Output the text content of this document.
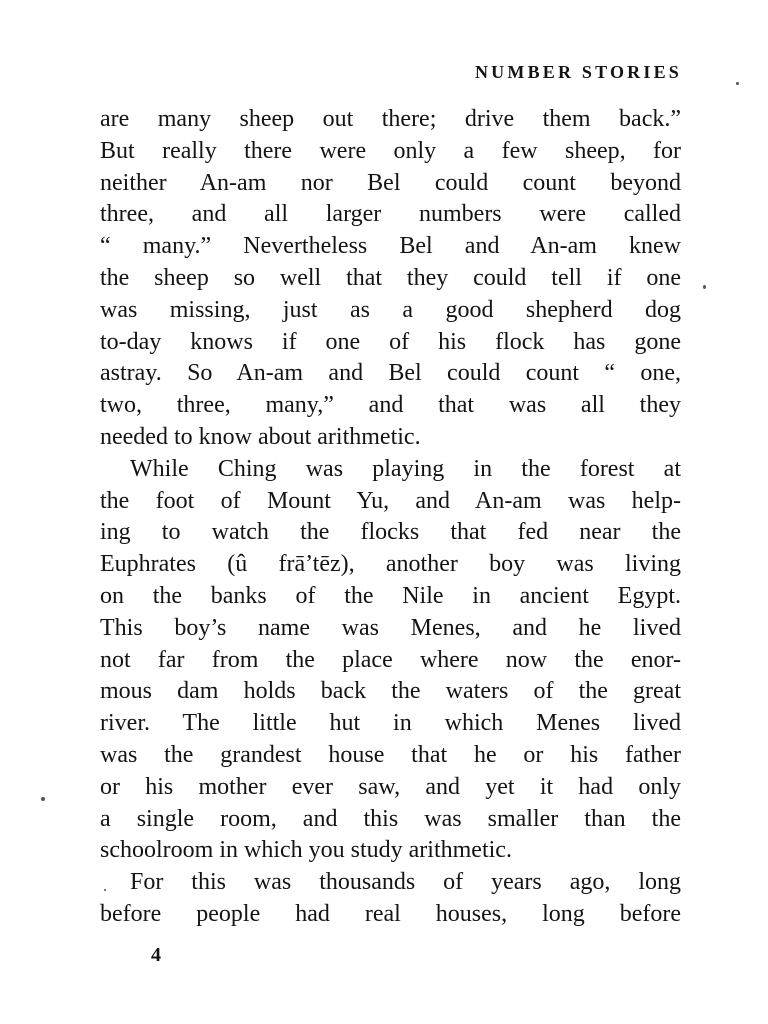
NUMBER STORIES
are many sheep out there; drive them back.”
But really there were only a few sheep, for
neither An-am nor Bel could count beyond
three, and all larger numbers were called
“ many.” Nevertheless Bel and An-am knew
the sheep so well that they could tell if one
was missing, just as a good shepherd dog
to-day knows if one of his flock has gone
astray. So An-am and Bel could count “ one,
two, three, many,” and that was all they
needed to know about arithmetic.
While Ching was playing in the forest at
the foot of Mount Yu, and An-am was help-
ing to watch the flocks that fed near the
Euphrates (û frā’tēz), another boy was living
on the banks of the Nile in ancient Egypt.
This boy’s name was Menes, and he lived
not far from the place where now the enor-
mous dam holds back the waters of the great
river. The little hut in which Menes lived
was the grandest house that he or his father
or his mother ever saw, and yet it had only
a single room, and this was smaller than the
schoolroom in which you study arithmetic.
For this was thousands of years ago, long
before people had real houses, long before
4
